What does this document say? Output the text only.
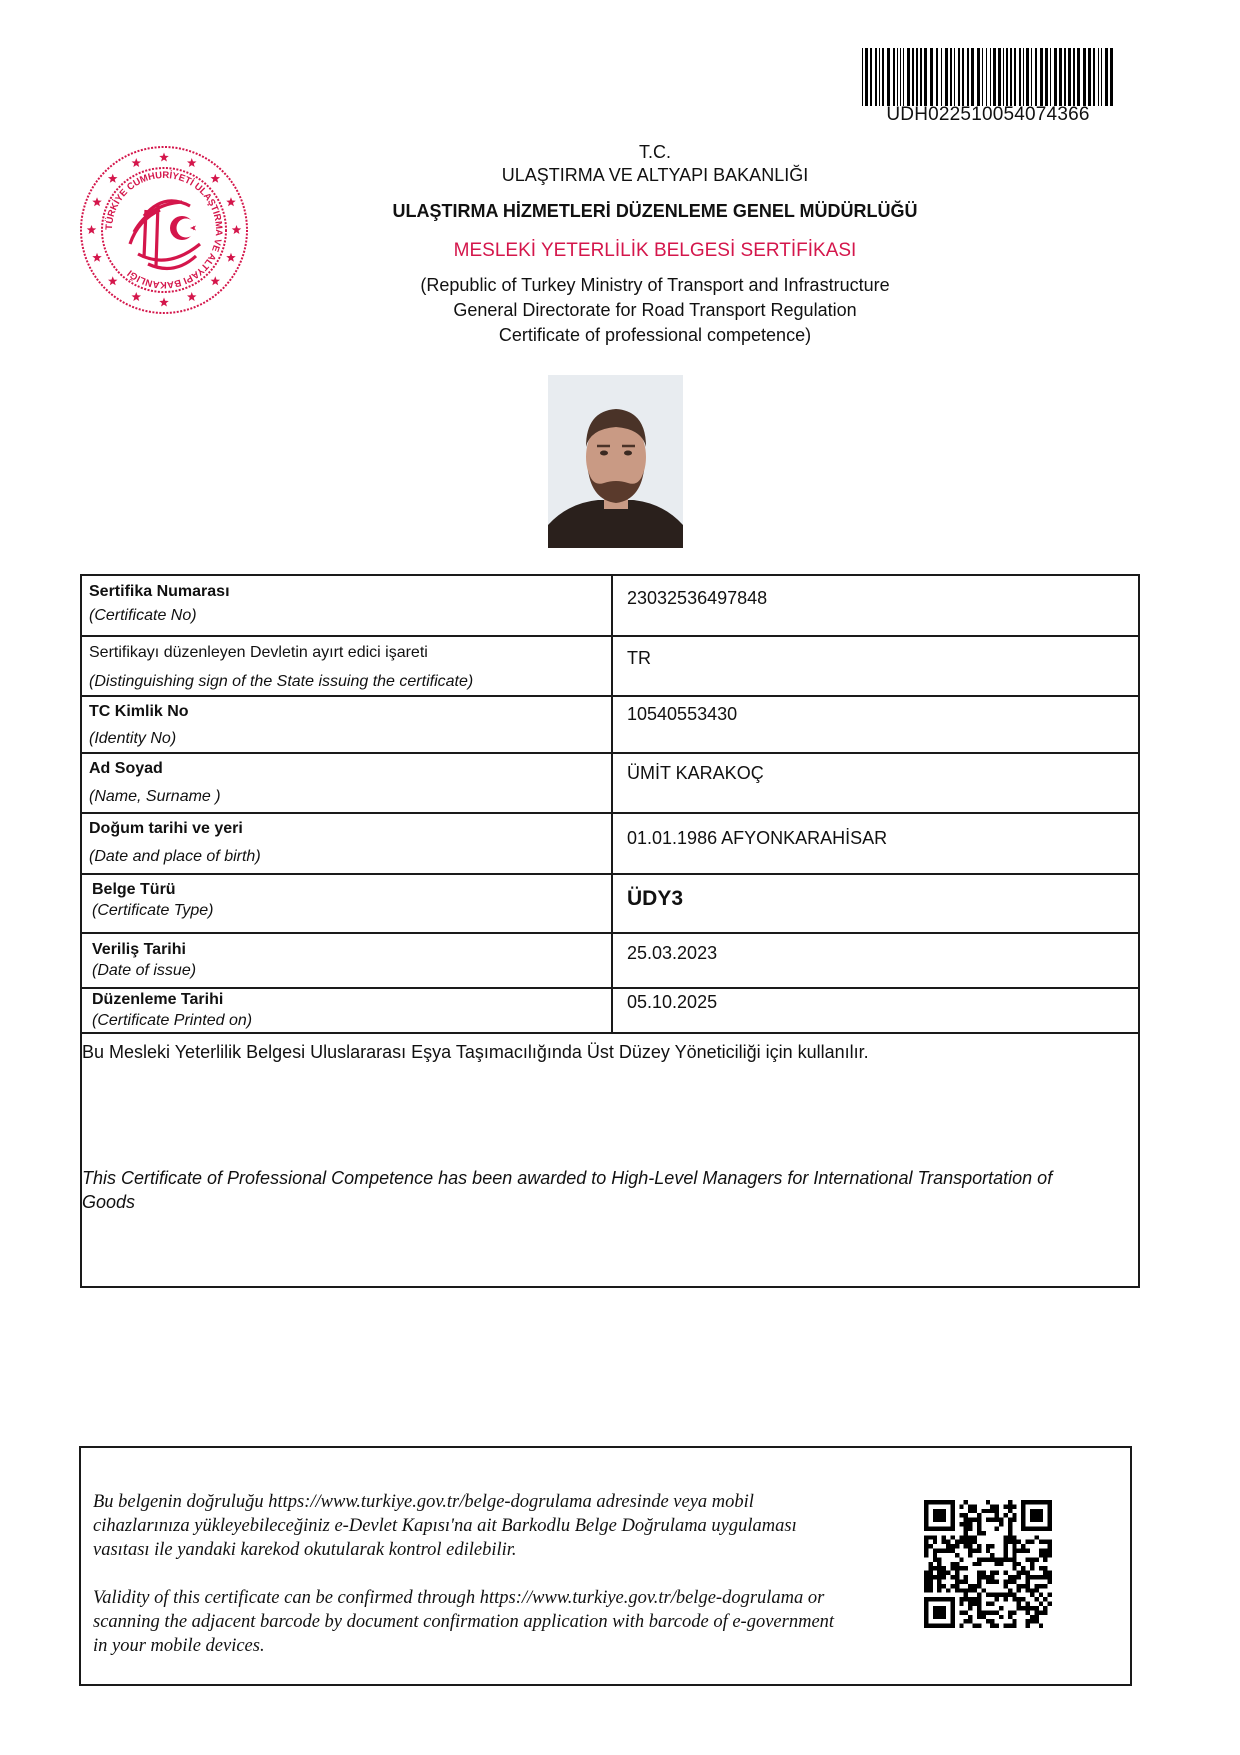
UDH022510054074366
TÜRKİYE CUMHURİYETİ ULAŞTIRMA VE ALTYAPI BAKANLIĞI
T.C.
ULAŞTIRMA VE ALTYAPI BAKANLIĞI
ULAŞTIRMA HİZMETLERİ DÜZENLEME GENEL MÜDÜRLÜĞÜ
MESLEKİ YETERLİLİK BELGESİ SERTİFİKASI
(Republic of Turkey Ministry of Transport and Infrastructure
General Directorate for Road Transport Regulation
Certificate of professional competence)
Sertifika Numarası
(Certificate No)
23032536497848
Sertifikayı düzenleyen Devletin ayırt edici işareti
(Distinguishing sign of the State issuing the certificate)
TR
TC Kimlik No
(Identity No)
10540553430
Ad Soyad
(Name, Surname )
ÜMİT KARAKOÇ
Doğum tarihi ve yeri
(Date and place of birth)
01.01.1986 AFYONKARAHİSAR
Belge Türü
(Certificate Type)
ÜDY3
Veriliş Tarihi
(Date of issue)
25.03.2023
Düzenleme Tarihi
(Certificate Printed on)
05.10.2025
Bu Mesleki Yeterlilik Belgesi Uluslararası Eşya Taşımacılığında Üst Düzey Yöneticiliği için kullanılır.
This Certificate of Professional Competence has been awarded to High-Level Managers for International Transportation of Goods
Bu belgenin doğruluğu https://www.turkiye.gov.tr/belge-dogrulama adresinde veya mobil cihazlarınıza yükleyebileceğiniz e-Devlet Kapısı'na ait Barkodlu Belge Doğrulama uygulaması vasıtası ile yandaki karekod okutularak kontrol edilebilir.
Validity of this certificate can be confirmed through https://www.turkiye.gov.tr/belge-dogrulama or scanning the adjacent barcode by document confirmation application with barcode of e-government in your mobile devices.
